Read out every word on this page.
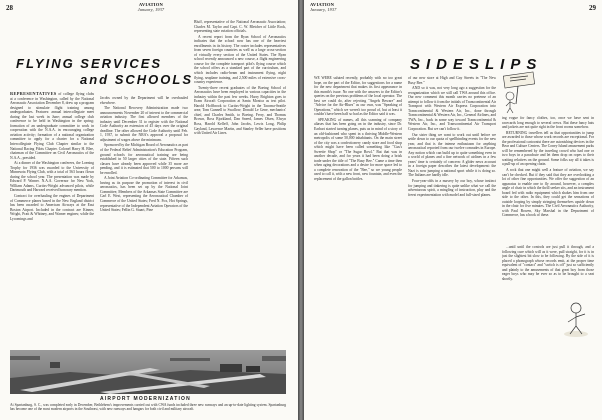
28	AVIATION
January, 1937
FLYING SERVICES
and SCHOOLS

REPRESENTATIVES of college flying clubs at a conference in Washington, called by the National Aeronautic Association December 8, drew up a program designed to stimulate flight training among undergraduates. Features: annual intercollegiate meet during the last week in June; annual college club conference to be held in Washington in the spring; formation of an undergraduate committee to work in cooperation with the N.A.A. in encouraging college aviation activity; formation of a national organization committee to apply for a charter for a National Intercollegiate Flying Club Chapter similar to the National Racing Pilots Chapter. Colonel Harry H. Blee, chairman of the Committee on Civil Aeronautics of the N.A.A., presided.

At a dinner of the Washington conferees, the Loening Trophy for 1936 was awarded to the University of Minnesota Flying Club, with a total of 563 hours flown during the school year. The presentation was made by Edward P. Warner. N.A.A. Governor for New York, William Adams, Curtiss-Wright advanced pilots, while Dartmouth and Harvard received honorary mention.

Contract for overhauling the engines of Department of Commerce planes based in the New England district has been awarded to American Airways at the East Boston Airport. Included in the contract are Kinner, Wright, Pratt & Whitney, and Warner engines; while the Lycomings and

Jacobs owned by the Department will be overhauled elsewhere.

The National Recovery Administration made two announcements November 20 of interest to the commercial aviation industry. The first allowed members of the industry until December 31 to register with the National Code Authority an extension of 45 days over the original deadline. The other allowed the Code Authority until Feb. 1, 1937, to submit the NRA's approval a proposal for adjustment of wages above the minimum.

Sponsored by the Michigan Board of Aeronautics as part of the Federal Relief Administration's Education Program, ground schools for aeronautical training are being established in 50 larger cities of the state. Fifteen such classes have already been approved while 35 more are pending, and it is estimated that 500 to 1000 persons will be enrolled.

A Joint Aviation Co-ordinating Committee for Arkansas, having as its purpose the promotion of interest in civil aeronautics, has been set up by the National Joint Committee, Members of the Arkansas State Committee are Carl E. West, representing the Aeronautical Chamber of Commerce of the United States; Fred N. Fox, Hot Springs, representative of the Independent Aviation Operators of the United States; Fellin G. Stuart, Pine

Bluff, representative of the National Aeronautic Association; Charles M. Taylor and Capt. C. W. Bletcher of Little Rock, representing state aviation officials.

A recent report from the Ryan School of Aeronautics indicates that the school now has one of the heaviest enrollments in its history. The roster includes representatives from seven foreign countries as well as a large cross-section of virtually every section of the United States. The Ryan school recently announced a new course, a flight engineering course for the complete transport pilot's flying course which the school offers as a standard part of the curriculum, and which includes radio-beam and instrument flying, night flying, seaplane training, and 2,500 miles of extensive cross-country experience.

Twenty-three recent graduates of the Boeing School of Aeronautics have been employed in various capacities in the industry within the past few weeks. Harry Brighton goes to Eram Aircraft Corporation at Santa Monica as test pilot. Harold Hoffbrook to Curtiss-Wright in the Tacoma-Seattle area; Tom Gunnell to Swallow; Donald Le Gene, mechanics' chief, and Charles Smith, to Boeing. Ferry, and Thomas Brown, Ross Bjorkland, Dan Sneed, James Olsen, Elwyn Ross, Harold Kelleff, John Jacobs, Lewis Long, Philip Gayland, Lawrence Martin, and Stanley Seller have positions with United Air Lines.

AIRPORT MODERNIZATION
At Spartanburg, S. C., was completed early in December, Bethlehem's improvements carried out with CWA funds included three new runways and an up-to-date lighting system. Spartanburg has become one of the most modern airports in the Southeast, with new runways and hangars for both civil and military aircraft.
AVIATION
January, 1937	29
SIDESLIPS

WE WERE saluted recently, probably with no too great hope, on the part of the Editor, for suggestions for a name for the new department that makes its first appearance in this month's issue. No one with the answers to the Editor's queries on the previous problems of the local operator. The best we could do, after rejecting "Angels Beware" and "Advice for the Air-Blues" as our own, was "Speaking of Operations," which we weren't too proud of, but at least it couldn't have been half so bad as the Editor said it was.

SPEAKING of names, all this scanning of company aliases that has been going on in the industry, since Dr. Earhart started turning planes, puts us in mind of a story of an old-fashioned who spent in a thriving Middle-Western metropolis of some 50,000 inhabitants. On the main street of the city was a confectionery candy store and food shop which might have been called something like "Gus's Sweetie Shop" or "The Sugar Bowl." But that was in another decade, and for years it had been doing a brisk trade under the title of "The Busy Bee." Came a time then when aging decorations and a desire for more space led to a complete renovation of the "Bee," so we young people used to call it, with a new front, new fountain, and even the replacement of the gallon bottles.

of our new store at High and Gay Streets in "The New Busy Bee."

AND so it was, not very long ago a suggestion for the reorganization which we still call TWA around this office. Our new comment this month carries no pretense of an attempt to follow it from the initials of Transcontinental Air Transport with Western Air Express Corporation into Transcontinental & Western Air, Inc., done through Transcontinental & Western Air, Inc., General Airlines, and TWA, Inc., back in some way toward Transcontinental & Western Air, Inc., and Transcontinental Air Transport Corporation. But we can't follow it.

Our sister thing we want to work out until before we settle down to our quota of spellbinding events for the new year, and that is the intense enthusiasm for anything aeronautical reported from our twelve comrades in Europe. Any notion which can build up to quite something even in a world of planes and a fine network of airlines in a few years' time is certainly of concern: A glider news account in a foreign paper describes the latest development: the Nazi is now jumping a national sport while it is doing so. The Italians are hardly idle.

Four-year-olds in a nursery by our boy, whose instinct for jumping and tinkering is quite unlike what we call the adventurous spirit, a mingling of instruction, play and the freest experimentation with model and full-sized planes.

ing vogue for fancy clothes, too, once we have sent in racecards long enough to several crews. But these fancy hats and jackets are not quite right in the front rooms somehow.

RETURNING travellers tell us that opportunities to jump are awarded to those whose work records are exceptional. For the professional cartoonist there are astonishing devices in the Bear and Culture Centers. The Coney Island amusement parks will be remembered by the traveling crowd who had one or two boys in a parachute and let them drop on ropes to their waiting relatives on the ground. Some folks say all it takes is a pull-up of an opening chain.

A rock that one might well a feature of aviation, we say can't be checked. But if they said that they are overlooking a lot of other fine opportunities. We offer the suggestion of an apparatus to enable one to fly around, however, a complex angle of chair in which the thrill seeker sits, and an instrument board fed with radio equipment which shakes him from one side to the other. In this, they could get the sensations of outside looping by simply stringing themselves upside down in the chair for five minutes. The Civil Aeronautics Authority, with Paul Bowen, Sky Marshal in the Department of Commerce, has a book of these.

...until until the controls are just pull it through, and a following cure which will as it were, pull straight, for it is in just the slightest bit slow to be following. By the side of it is placed a phonograph whose records emit, at the proper time equivalent of "contact" and "switch is off" just so sufficiently and plainly to the amusements of that great boy from those eager boys who may be ever so as to be brought to a seat shortly.
